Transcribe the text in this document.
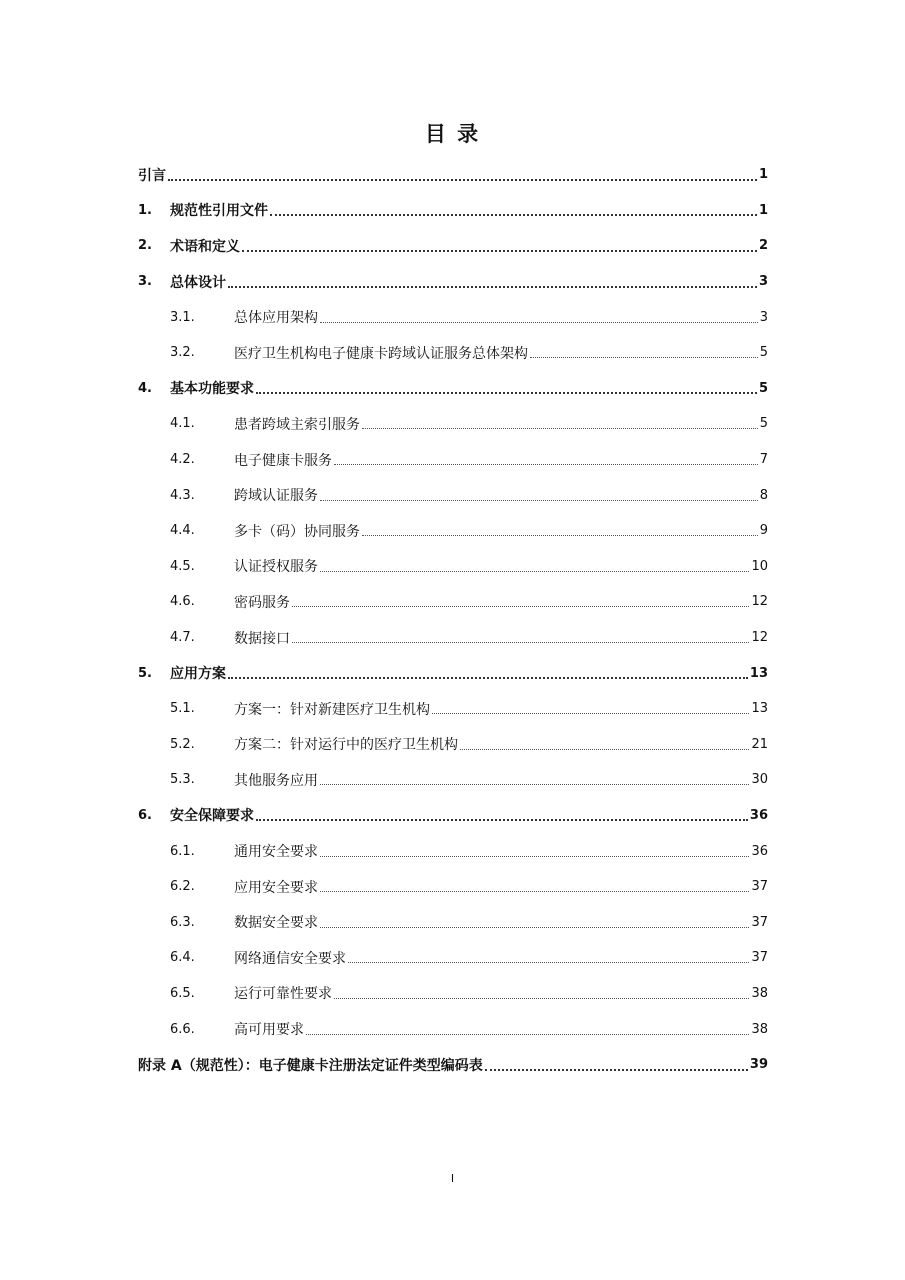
目 录
引言	1
1.	规范性引用文件	1
2.	术语和定义	2
3.	总体设计	3
3.1.	总体应用架构	3
3.2.	医疗卫生机构电子健康卡跨域认证服务总体架构	5
4.	基本功能要求	5
4.1.	患者跨域主索引服务	5
4.2.	电子健康卡服务	7
4.3.	跨域认证服务	8
4.4.	多卡（码）协同服务	9
4.5.	认证授权服务	10
4.6.	密码服务	12
4.7.	数据接口	12
5.	应用方案	13
5.1.	方案一：针对新建医疗卫生机构	13
5.2.	方案二：针对运行中的医疗卫生机构	21
5.3.	其他服务应用	30
6.	安全保障要求	36
6.1.	通用安全要求	36
6.2.	应用安全要求	37
6.3.	数据安全要求	37
6.4.	网络通信安全要求	37
6.5.	运行可靠性要求	38
6.6.	高可用要求	38
附录 A（规范性）：电子健康卡注册法定证件类型编码表	39
I
